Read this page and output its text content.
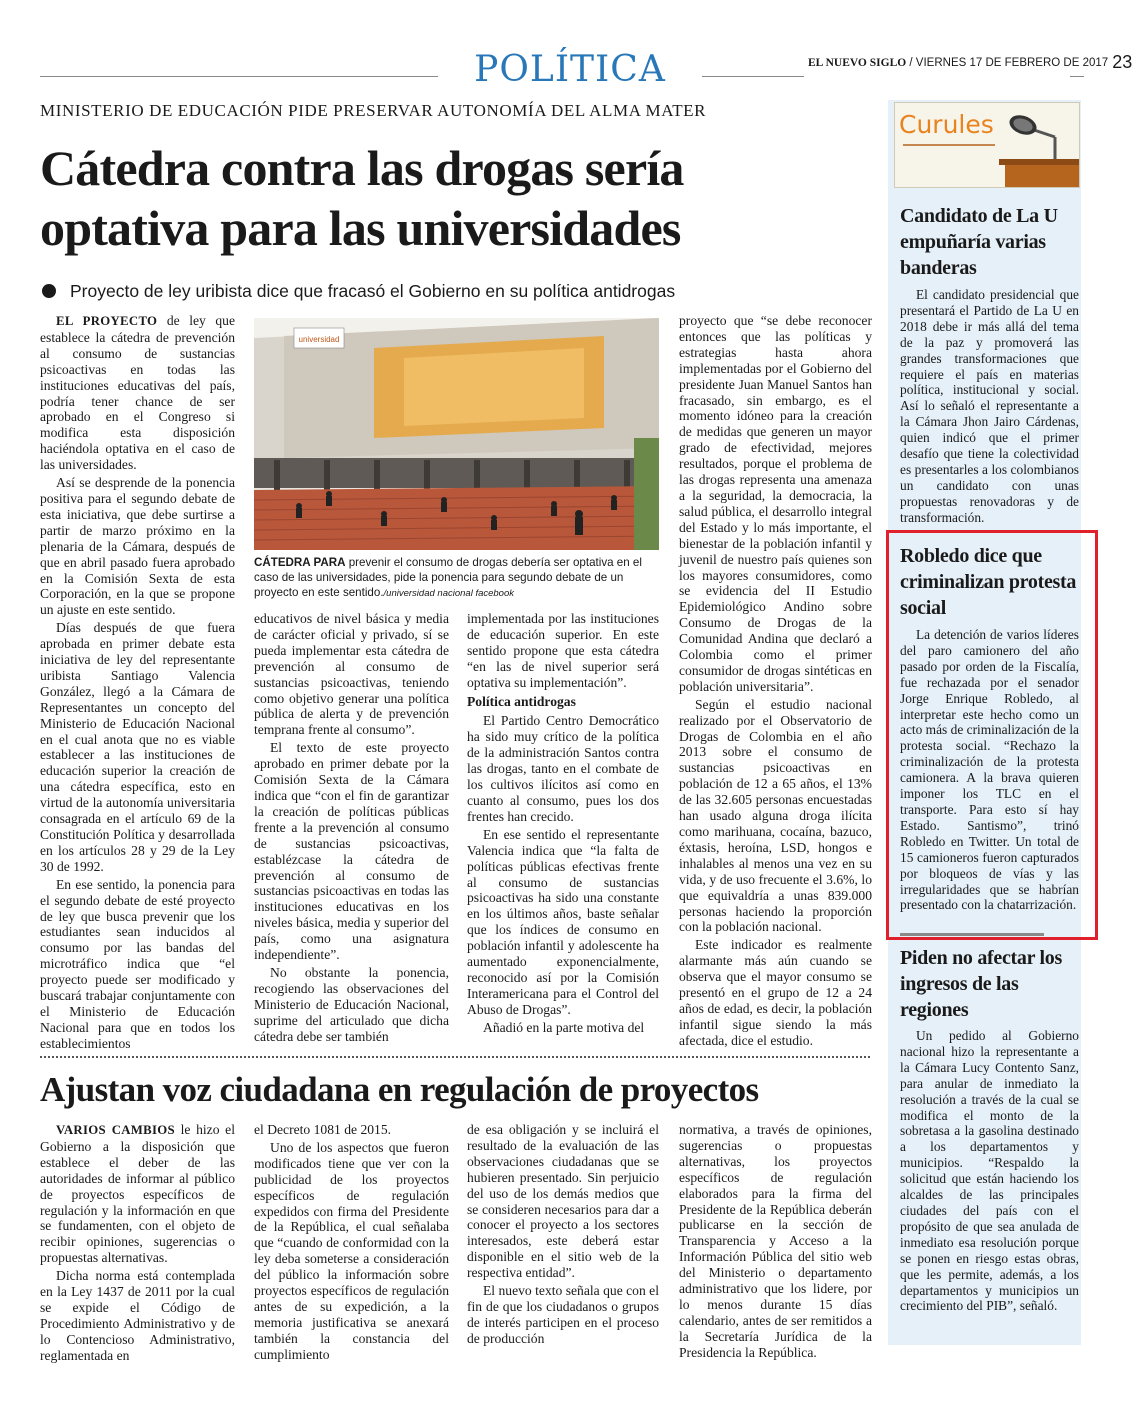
POLÍTICA	EL NUEVO SIGLO / VIERNES 17 DE FEBRERO DE 2017 23
MINISTERIO DE EDUCACIÓN PIDE PRESERVAR AUTONOMÍA DEL ALMA MATER
Cátedra contra las drogas sería optativa para las universidades
Proyecto de ley uribista dice que fracasó el Gobierno en su política antidrogas

EL PROYECTO de ley que establece la cátedra de prevención al consumo de sustancias psicoactivas en todas las instituciones educativas del país, podría tener chance de ser aprobado en el Congreso si modifica esta disposición haciéndola optativa en el caso de las universidades.

Así se desprende de la ponencia positiva para el segundo debate de esta iniciativa, que debe surtirse a partir de marzo próximo en la plenaria de la Cámara, después de que en abril pasado fuera aprobado en la Comisión Sexta de esta Corporación, en la que se propone un ajuste en este sentido.

Días después de que fuera aprobada en primer debate esta iniciativa de ley del representante uribista Santiago Valencia González, llegó a la Cámara de Representantes un concepto del Ministerio de Educación Nacional en el cual anota que no es viable establecer a las instituciones de educación superior la creación de una cátedra específica, esto en virtud de la autonomía universitaria consagrada en el artículo 69 de la Constitución Política y desarrollada en los artículos 28 y 29 de la Ley 30 de 1992.

En ese sentido, la ponencia para el segundo debate de esté proyecto de ley que busca prevenir que los estudiantes sean inducidos al consumo por las bandas del microtráfico indica que “el proyecto puede ser modificado y buscará trabajar conjuntamente con el Ministerio de Educación Nacional para que en todos los establecimientos

universidad
CÁTEDRA PARA prevenir el consumo de drogas debería ser optativa en el caso de las universidades, pide la ponencia para segundo debate de un proyecto en este sentido./universidad nacional facebook

educativos de nivel básica y media de carácter oficial y privado, sí se pueda implementar esta cátedra de prevención al consumo de sustancias psicoactivas, teniendo como objetivo generar una política pública de alerta y de prevención temprana frente al consumo”.

El texto de este proyecto aprobado en primer debate por la Comisión Sexta de la Cámara indica que “con el fin de garantizar la creación de políticas públicas frente a la prevención al consumo de sustancias psicoactivas, establézcase la cátedra de prevención al consumo de sustancias psicoactivas en todas las instituciones educativas en los niveles básica, media y superior del país, como una asignatura independiente”.

No obstante la ponencia, recogiendo las observaciones del Ministerio de Educación Nacional, suprime del articulado que dicha cátedra debe ser también

implementada por las instituciones de educación superior. En este sentido propone que esta cátedra “en las de nivel superior será optativa su implementación”.

Política antidrogas

El Partido Centro Democrático ha sido muy crítico de la política de la administración Santos contra las drogas, tanto en el combate de los cultivos ilícitos así como en cuanto al consumo, pues los dos frentes han crecido.

En ese sentido el representante Valencia indica que “la falta de políticas públicas efectivas frente al consumo de sustancias psicoactivas ha sido una constante en los últimos años, baste señalar que los índices de consumo en población infantil y adolescente ha aumentado exponencialmente, reconocido así por la Comisión Interamericana para el Control del Abuso de Drogas”.

Añadió en la parte motiva del

proyecto que “se debe reconocer entonces que las políticas y estrategias hasta ahora implementadas por el Gobierno del presidente Juan Manuel Santos han fracasado, sin embargo, es el momento idóneo para la creación de medidas que generen un mayor grado de efectividad, mejores resultados, porque el problema de las drogas representa una amenaza a la seguridad, la democracia, la salud pública, el desarrollo integral del Estado y lo más importante, el bienestar de la población infantil y juvenil de nuestro país quienes son los mayores consumidores, como se evidencia del II Estudio Epidemiológico Andino sobre Consumo de Drogas de la Comunidad Andina que declaró a Colombia como el primer consumidor de drogas sintéticas en población universitaria”.

Según el estudio nacional realizado por el Observatorio de Drogas de Colombia en el año 2013 sobre el consumo de sustancias psicoactivas en población de 12 a 65 años, el 13% de las 32.605 personas encuestadas han usado alguna droga ilícita como marihuana, cocaína, bazuco, éxtasis, heroína, LSD, hongos e inhalables al menos una vez en su vida, y de uso frecuente el 3.6%, lo que equivaldría a unas 839.000 personas haciendo la proporción con la población nacional.

Este indicador es realmente alarmante más aún cuando se observa que el mayor consumo se presentó en el grupo de 12 a 24 años de edad, es decir, la población infantil sigue siendo la más afectada, dice el estudio.

Ajustan voz ciudadana en regulación de proyectos

VARIOS CAMBIOS le hizo el Gobierno a la disposición que establece el deber de las autoridades de informar al público de proyectos específicos de regulación y la información en que se fundamenten, con el objeto de recibir opiniones, sugerencias o propuestas alternativas.

Dicha norma está contemplada en la Ley 1437 de 2011 por la cual se expide el Código de Procedimiento Administrativo y de lo Contencioso Administrativo, reglamentada en

el Decreto 1081 de 2015.

Uno de los aspectos que fueron modificados tiene que ver con la publicidad de los proyectos específicos de regulación expedidos con firma del Presidente de la República, el cual señalaba que “cuando de conformidad con la ley deba someterse a consideración del público la información sobre proyectos específicos de regulación antes de su expedición, a la memoria justificativa se anexará también la constancia del cumplimiento

de esa obligación y se incluirá el resultado de la evaluación de las observaciones ciudadanas que se hubieren presentado. Sin perjuicio del uso de los demás medios que se consideren necesarios para dar a conocer el proyecto a los sectores interesados, este deberá estar disponible en el sitio web de la respectiva entidad”.

El nuevo texto señala que con el fin de que los ciudadanos o grupos de interés participen en el proceso de producción

normativa, a través de opiniones, sugerencias o propuestas alternativas, los proyectos específicos de regulación elaborados para la firma del Presidente de la República deberán publicarse en la sección de Transparencia y Acceso a la Información Pública del sitio web del Ministerio o departamento administrativo que los lidere, por lo menos durante 15 días calendario, antes de ser remitidos a la Secretaría Jurídica de la Presidencia la República.

Curules
Candidato de La U empuñaría varias banderas

El candidato presidencial que presentará el Partido de La U en 2018 debe ir más allá del tema de la paz y promoverá las grandes transformaciones que requiere el país en materias política, institucional y social. Así lo señaló el representante a la Cámara Jhon Jairo Cárdenas, quien indicó que el primer desafío que tiene la colectividad es presentarles a los colombianos un candidato con unas propuestas renovadoras y de transformación.

Robledo dice que criminalizan protesta social

La detención de varios líderes del paro camionero del año pasado por orden de la Fiscalía, fue rechazada por el senador Jorge Enrique Robledo, al interpretar este hecho como un acto más de criminalización de la protesta social. “Rechazo la criminalización de la protesta camionera. A la brava quieren imponer los TLC en el transporte. Para esto sí hay Estado. Santismo”, trinó Robledo en Twitter. Un total de 15 camioneros fueron capturados por bloqueos de vías y las irregularidades que se habrían presentado con la chatarrización.

Piden no afectar los ingresos de las regiones

Un pedido al Gobierno nacional hizo la representante a la Cámara Lucy Contento Sanz, para anular de inmediato la resolución a través de la cual se modifica el monto de la sobretasa a la gasolina destinado a los departamentos y municipios. “Respaldo la solicitud que están haciendo los alcaldes de las principales ciudades del país con el propósito de que sea anulada de inmediato esa resolución porque se ponen en riesgo estas obras, que les permite, además, a los departamentos y municipios un crecimiento del PIB”, señaló.
